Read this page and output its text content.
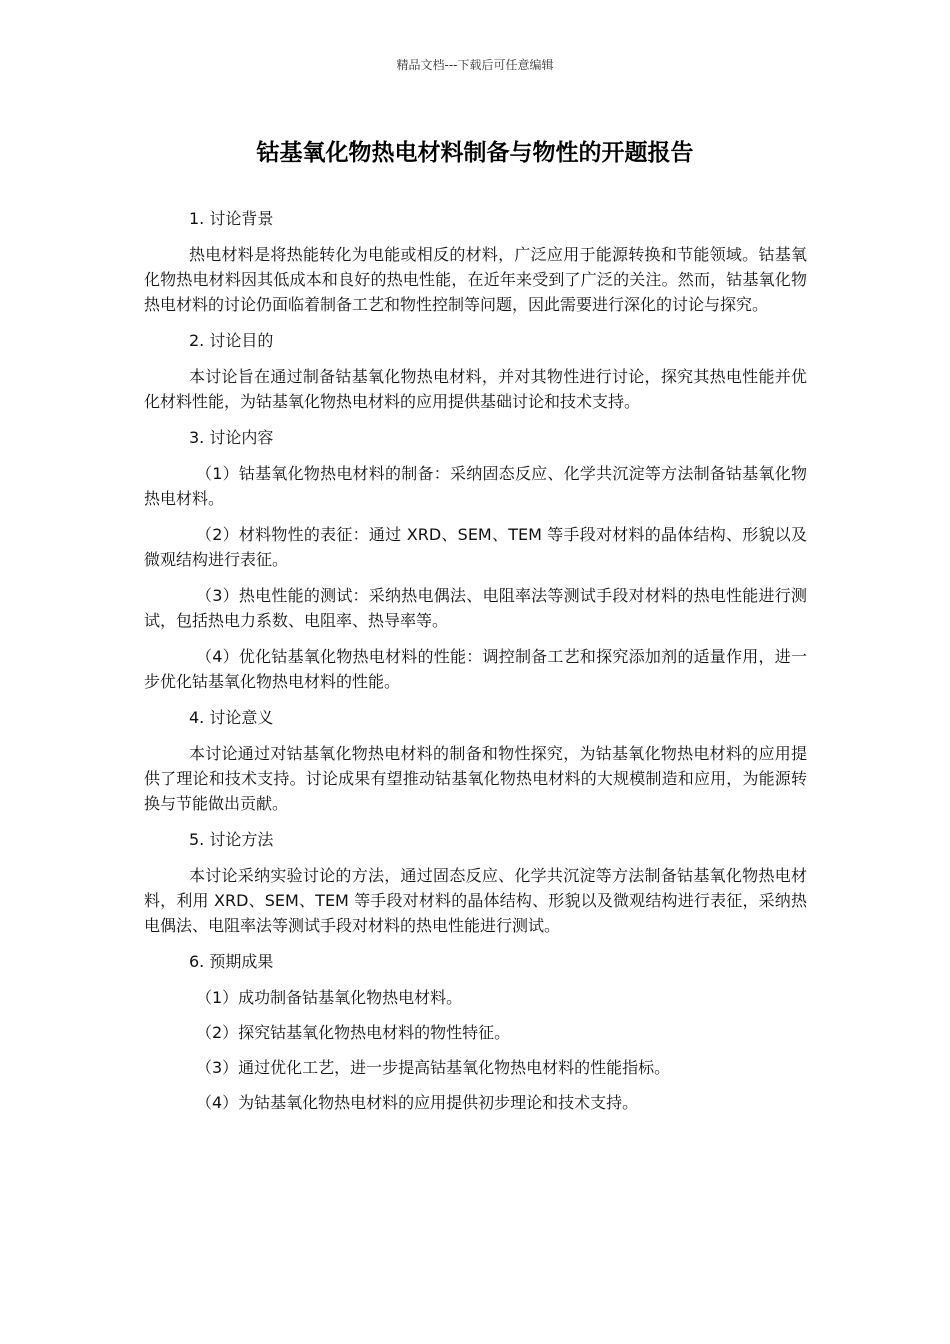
精品文档---下载后可任意编辑
钴基氧化物热电材料制备与物性的开题报告

1. 讨论背景

热电材料是将热能转化为电能或相反的材料，广泛应用于能源转换和节能领域。钴基氧化物热电材料因其低成本和良好的热电性能，在近年来受到了广泛的关注。然而，钴基氧化物热电材料的讨论仍面临着制备工艺和物性控制等问题，因此需要进行深化的讨论与探究。

2. 讨论目的

本讨论旨在通过制备钴基氧化物热电材料，并对其物性进行讨论，探究其热电性能并优化材料性能，为钴基氧化物热电材料的应用提供基础讨论和技术支持。

3. 讨论内容

（1）钴基氧化物热电材料的制备：采纳固态反应、化学共沉淀等方法制备钴基氧化物热电材料。

（2）材料物性的表征：通过 XRD、SEM、TEM 等手段对材料的晶体结构、形貌以及微观结构进行表征。

（3）热电性能的测试：采纳热电偶法、电阻率法等测试手段对材料的热电性能进行测试，包括热电力系数、电阻率、热导率等。

（4）优化钴基氧化物热电材料的性能：调控制备工艺和探究添加剂的适量作用，进一步优化钴基氧化物热电材料的性能。

4. 讨论意义

本讨论通过对钴基氧化物热电材料的制备和物性探究，为钴基氧化物热电材料的应用提供了理论和技术支持。讨论成果有望推动钴基氧化物热电材料的大规模制造和应用，为能源转换与节能做出贡献。

5. 讨论方法

本讨论采纳实验讨论的方法，通过固态反应、化学共沉淀等方法制备钴基氧化物热电材料，利用 XRD、SEM、TEM 等手段对材料的晶体结构、形貌以及微观结构进行表征，采纳热电偶法、电阻率法等测试手段对材料的热电性能进行测试。

6. 预期成果

（1）成功制备钴基氧化物热电材料。

（2）探究钴基氧化物热电材料的物性特征。

（3）通过优化工艺，进一步提高钴基氧化物热电材料的性能指标。

（4）为钴基氧化物热电材料的应用提供初步理论和技术支持。
